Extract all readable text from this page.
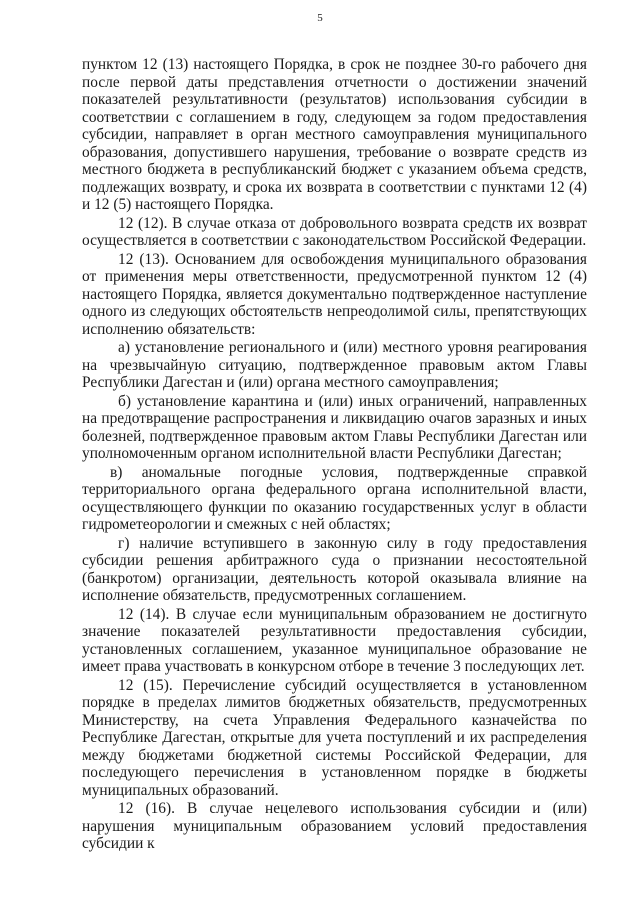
5

пунктом 12 (13) настоящего Порядка, в срок не позднее 30-го рабочего дня после первой даты представления отчетности о достижении значений показателей результативности (результатов) использования субсидии в соответствии с соглашением в году, следующем за годом предоставления субсидии, направляет в орган местного самоуправления муниципального образования, допустившего нарушения, требование о возврате средств из местного бюджета в республиканский бюджет с указанием объема средств, подлежащих возврату, и срока их возврата в соответствии с пунктами 12 (4) и 12 (5) настоящего Порядка.

12 (12). В случае отказа от добровольного возврата средств их возврат осуществляется в соответствии с законодательством Российской Федерации.

12 (13). Основанием для освобождения муниципального образования от применения меры ответственности, предусмотренной пунктом 12 (4) настоящего Порядка, является документально подтвержденное наступление одного из следующих обстоятельств непреодолимой силы, препятствующих исполнению обязательств:

а) установление регионального и (или) местного уровня реагирования на чрезвычайную ситуацию, подтвержденное правовым актом Главы Республики Дагестан и (или) органа местного самоуправления;

б) установление карантина и (или) иных ограничений, направленных на предотвращение распространения и ликвидацию очагов заразных и иных болезней, подтвержденное правовым актом Главы Республики Дагестан или уполномоченным органом исполнительной власти Республики Дагестан;

в) аномальные погодные условия, подтвержденные справкой территориального органа федерального органа исполнительной власти, осуществляющего функции по оказанию государственных услуг в области гидрометеорологии и смежных с ней областях;

г) наличие вступившего в законную силу в году предоставления субсидии решения арбитражного суда о признании несостоятельной (банкротом) организации, деятельность которой оказывала влияние на исполнение обязательств, предусмотренных соглашением.

12 (14). В случае если муниципальным образованием не достигнуто значение показателей результативности предоставления субсидии, установленных соглашением, указанное муниципальное образование не имеет права участвовать в конкурсном отборе в течение 3 последующих лет.

12 (15). Перечисление субсидий осуществляется в установленном порядке в пределах лимитов бюджетных обязательств, предусмотренных Министерству, на счета Управления Федерального казначейства по Республике Дагестан, открытые для учета поступлений и их распределения между бюджетами бюджетной системы Российской Федерации, для последующего перечисления в установленном порядке в бюджеты муниципальных образований.

12 (16). В случае нецелевого использования субсидии и (или) нарушения муниципальным образованием условий предоставления субсидии к
